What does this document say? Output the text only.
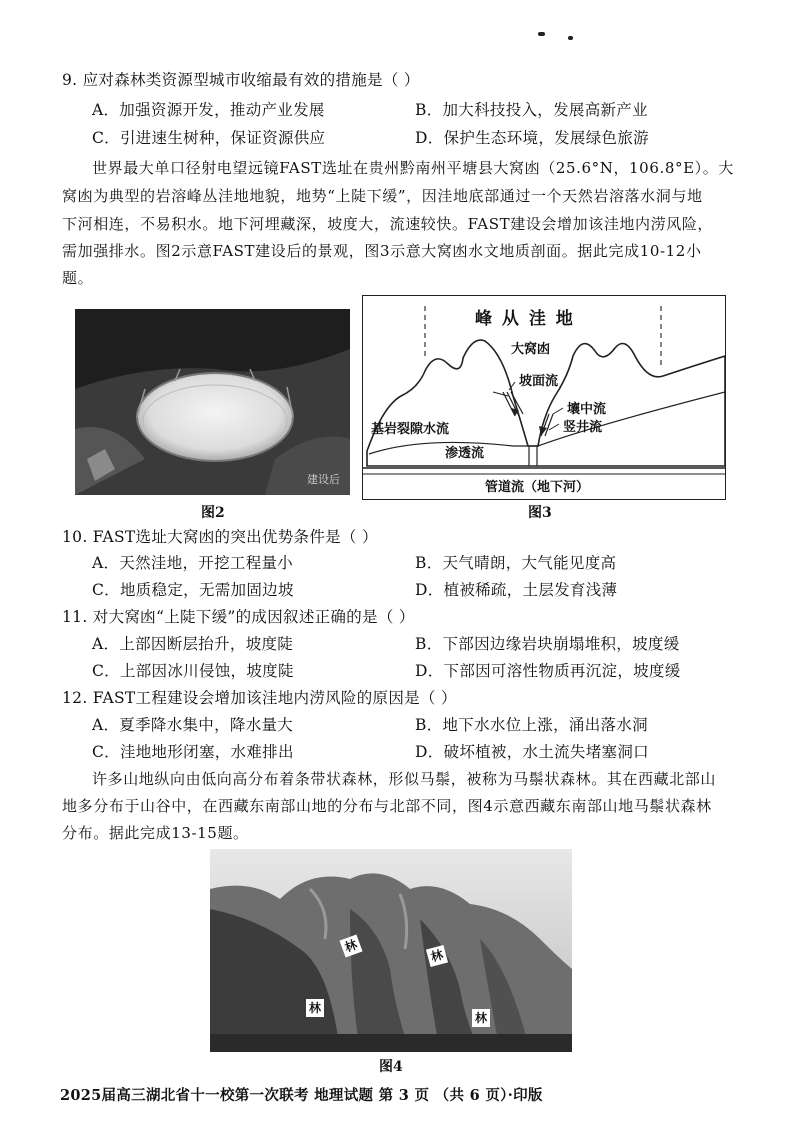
9. 应对森林类资源型城市收缩最有效的措施是（ ）
A．加强资源开发，推动产业发展	B．加大科技投入，发展高新产业
C．引进速生树种，保证资源供应	D．保护生态环境，发展绿色旅游
世界最大单口径射电望远镜FAST选址在贵州黔南州平塘县大窝凼（25.6°N，106.8°E）。大
窝凼为典型的岩溶峰丛洼地地貌，地势“上陡下缓”，因洼地底部通过一个天然岩溶落水洞与地
下河相连，不易积水。地下河埋藏深，坡度大，流速较快。FAST建设会增加该洼地内涝风险，
需加强排水。图2示意FAST建设后的景观，图3示意大窝凼水文地质剖面。据此完成10-12小
题。
建设后
图2
峰 从 洼 地
大窝凼
坡面流
基岩裂隙水流
壤中流
竖井流
渗透流
管道流（地下河）
图3
10. FAST选址大窝凼的突出优势条件是（ ）
A．天然洼地，开挖工程量小	B．天气晴朗，大气能见度高
C．地质稳定，无需加固边坡	D．植被稀疏，土层发育浅薄
11. 对大窝凼“上陡下缓”的成因叙述正确的是（ ）
A．上部因断层抬升，坡度陡	B．下部因边缘岩块崩塌堆积，坡度缓
C．上部因冰川侵蚀，坡度陡	D．下部因可溶性物质再沉淀，坡度缓
12. FAST工程建设会增加该洼地内涝风险的原因是（ ）
A．夏季降水集中，降水量大	B．地下水水位上涨，涌出落水洞
C．洼地地形闭塞，水难排出	D．破坏植被，水土流失堵塞洞口
许多山地纵向由低向高分布着条带状森林，形似马鬃，被称为马鬃状森林。其在西藏北部山
地多分布于山谷中，在西藏东南部山地的分布与北部不同，图4示意西藏东南部山地马鬃状森林
分布。据此完成13-15题。
林
林
林
林
图4
2025届高三湖北省十一校第一次联考 地理试题 第 3 页 （共 6 页）·印版
